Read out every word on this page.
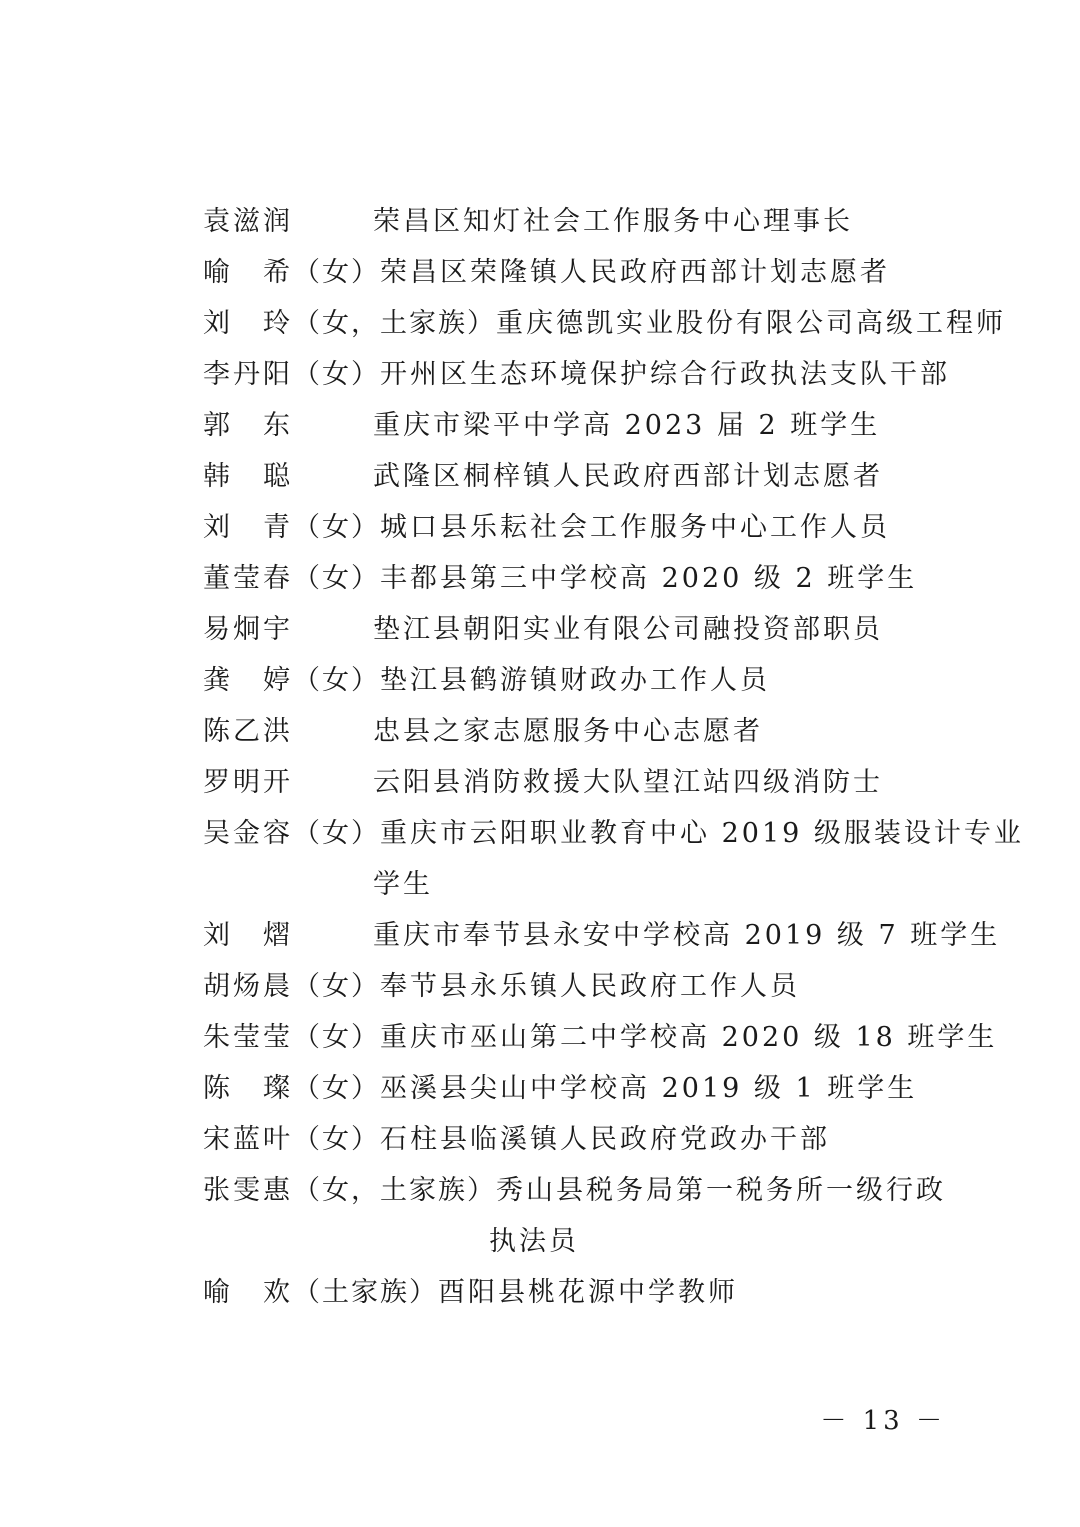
袁滋润	荣昌区知灯社会工作服务中心理事长
喻　希（女）荣昌区荣隆镇人民政府西部计划志愿者
刘　玲（女，土家族）重庆德凯实业股份有限公司高级工程师
李丹阳（女）开州区生态环境保护综合行政执法支队干部
郭　东	重庆市梁平中学高 2023 届 2 班学生
韩　聪	武隆区桐梓镇人民政府西部计划志愿者
刘　青（女）城口县乐耘社会工作服务中心工作人员
董莹春（女）丰都县第三中学校高 2020 级 2 班学生
易炯宇	垫江县朝阳实业有限公司融投资部职员
龚　婷（女）垫江县鹤游镇财政办工作人员
陈乙洪	忠县之家志愿服务中心志愿者
罗明开	云阳县消防救援大队望江站四级消防士
吴金容（女）重庆市云阳职业教育中心 2019 级服装设计专业
学生
刘　熠	重庆市奉节县永安中学校高 2019 级 7 班学生
胡炀晨（女）奉节县永乐镇人民政府工作人员
朱莹莹（女）重庆市巫山第二中学校高 2020 级 18 班学生
陈　璨（女）巫溪县尖山中学校高 2019 级 1 班学生
宋蓝叶（女）石柱县临溪镇人民政府党政办干部
张雯惠（女，土家族）秀山县税务局第一税务所一级行政
执法员
喻　欢（土家族）酉阳县桃花源中学教师
－ 13 －
